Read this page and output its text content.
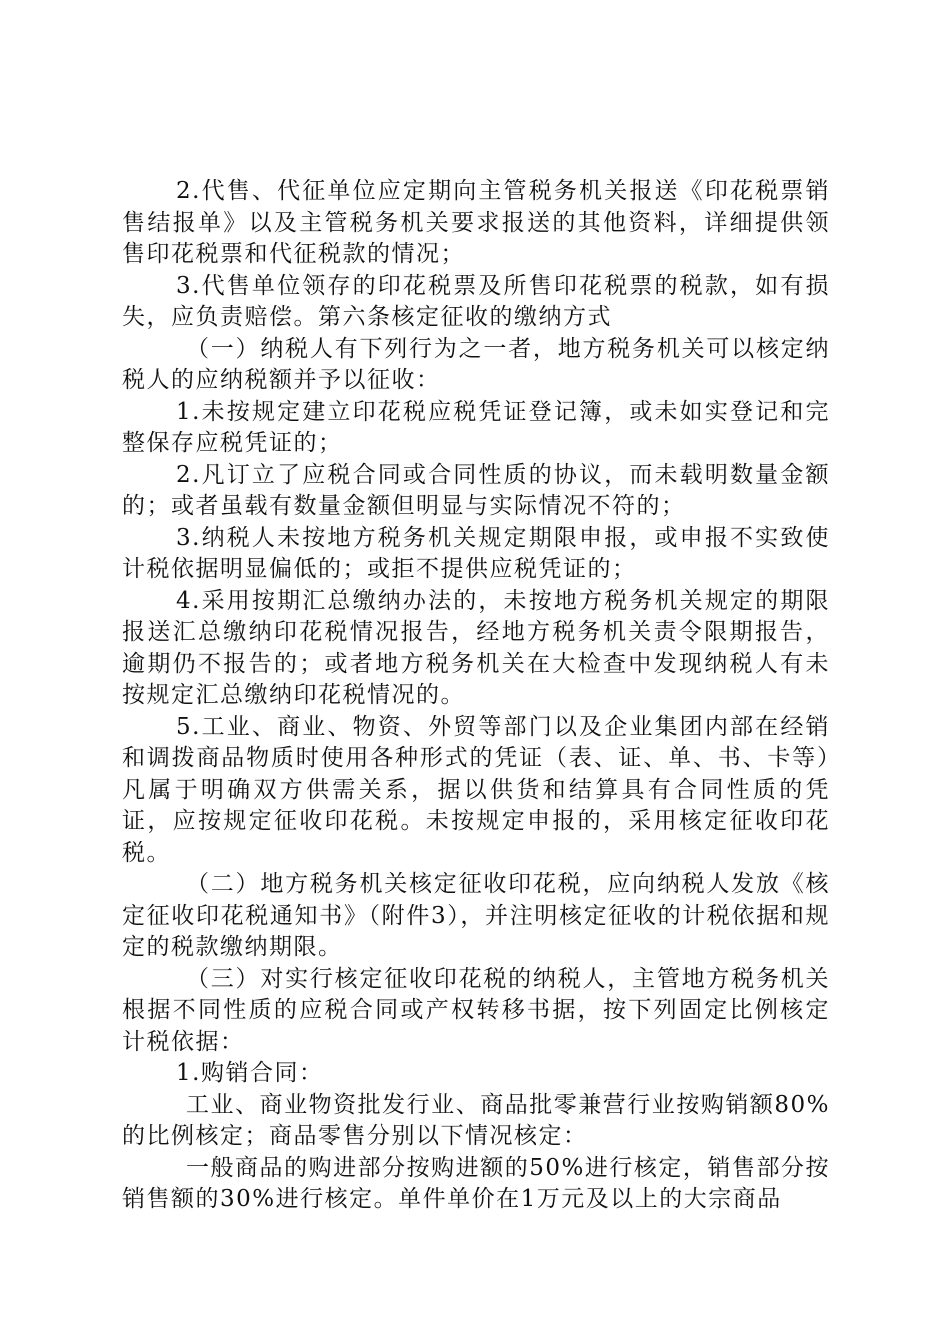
2.代售、代征单位应定期向主管税务机关报送《印花税票销售结报单》以及主管税务机关要求报送的其他资料，详细提供领售印花税票和代征税款的情况；

3.代售单位领存的印花税票及所售印花税票的税款，如有损失，应负责赔偿。第六条核定征收的缴纳方式

（一）纳税人有下列行为之一者，地方税务机关可以核定纳税人的应纳税额并予以征收：

1.未按规定建立印花税应税凭证登记簿，或未如实登记和完整保存应税凭证的；

2.凡订立了应税合同或合同性质的协议，而未载明数量金额的；或者虽载有数量金额但明显与实际情况不符的；

3.纳税人未按地方税务机关规定期限申报，或申报不实致使计税依据明显偏低的；或拒不提供应税凭证的；

4.采用按期汇总缴纳办法的，未按地方税务机关规定的期限报送汇总缴纳印花税情况报告，经地方税务机关责令限期报告，逾期仍不报告的；或者地方税务机关在大检查中发现纳税人有未按规定汇总缴纳印花税情况的。

5.工业、商业、物资、外贸等部门以及企业集团内部在经销和调拨商品物质时使用各种形式的凭证（表、证、单、书、卡等）凡属于明确双方供需关系，据以供货和结算具有合同性质的凭证，应按规定征收印花税。未按规定申报的，采用核定征收印花税。

（二）地方税务机关核定征收印花税，应向纳税人发放《核定征收印花税通知书》（附件3），并注明核定征收的计税依据和规定的税款缴纳期限。

（三）对实行核定征收印花税的纳税人，主管地方税务机关根据不同性质的应税合同或产权转移书据，按下列固定比例核定计税依据：

1.购销合同：

工业、商业物资批发行业、商品批零兼营行业按购销额80%的比例核定；商品零售分别以下情况核定：

一般商品的购进部分按购进额的50%进行核定，销售部分按销售额的30%进行核定。单件单价在1万元及以上的大宗商品
